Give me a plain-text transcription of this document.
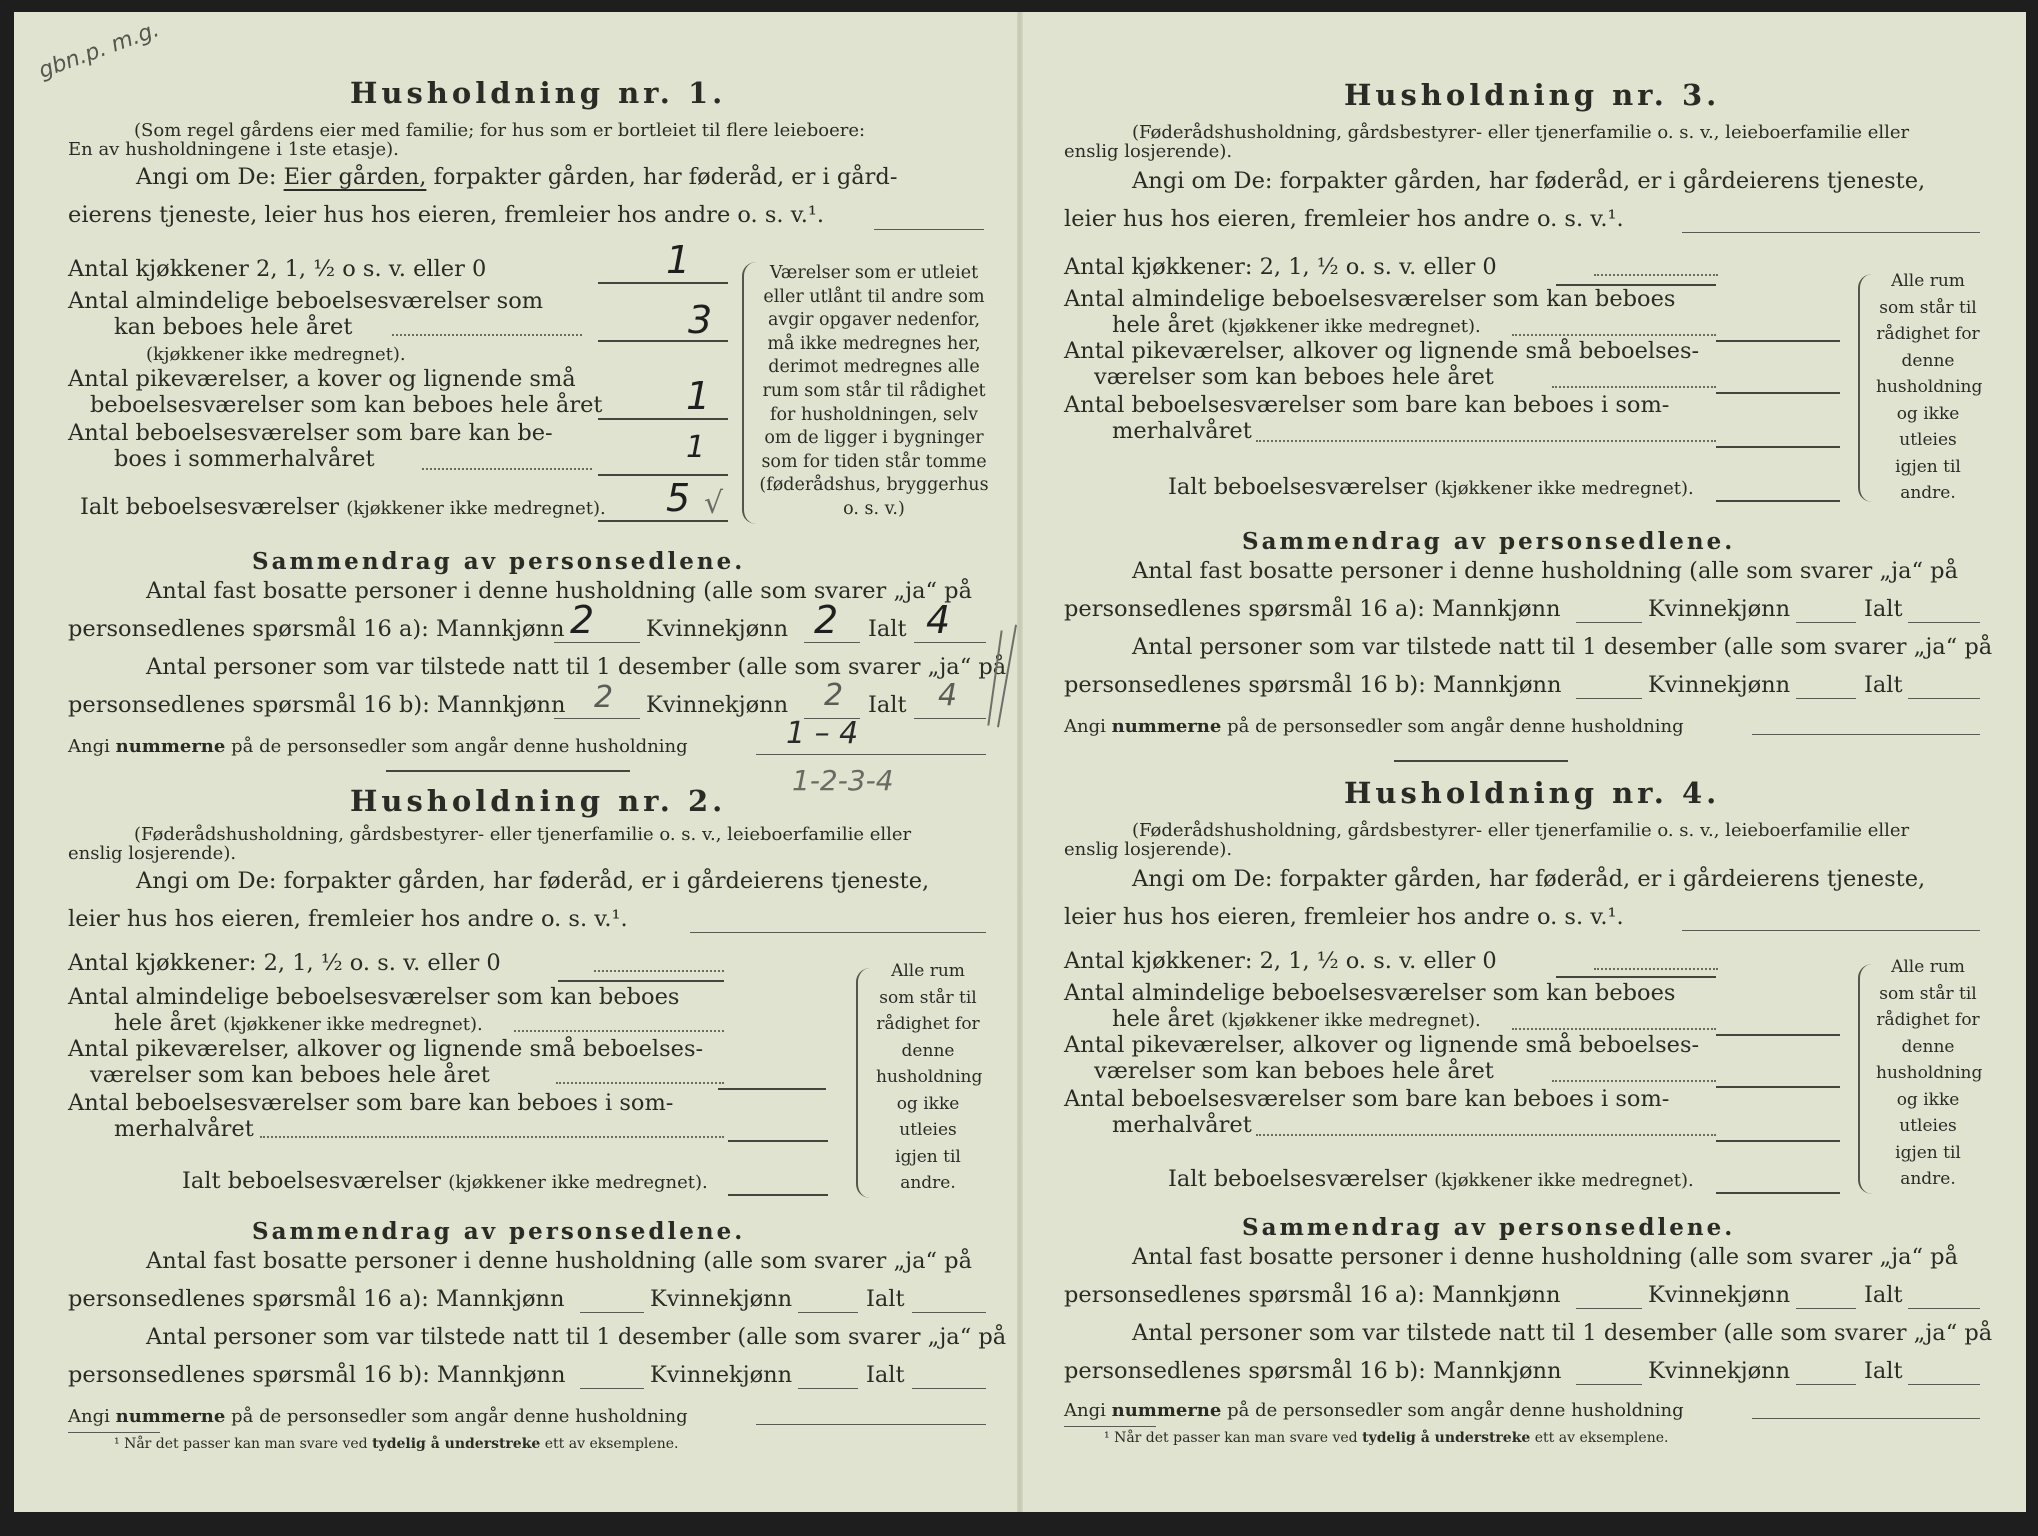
gbn.p. m.g.
Husholdning nr. 1.
(Som regel gårdens eier med familie; for hus som er bortleiet til flere leieboere:
En av husholdningene i 1ste etasje).
Angi om De: Eier gården, forpakter gården, har føderåd, er i gård-
eierens tjeneste, leier hus hos eieren, fremleier hos andre o. s. v.¹.
Antal kjøkkener 2, 1, ½ o s. v. eller 0	1
Antal almindelige beboelsesværelser som
kan beboes hele året	3
(kjøkkener ikke medregnet).
Antal pikeværelser, a kover og lignende små
beboelsesværelser som kan beboes hele året 1
Antal beboelsesværelser som bare kan be-
boes i sommerhalvåret	1
Ialt beboelsesværelser (kjøkkener ikke medregnet). 5 √
Værelser som er utleiet eller utlånt til andre som avgir opgaver nedenfor, må ikke medregnes her, derimot medregnes alle rum som står til rådighet for husholdningen, selv om de ligger i bygninger som for tiden står tomme (føderådshus, bryggerhus o. s. v.)
Sammendrag av personsedlene.
Antal fast bosatte personer i denne husholdning (alle som svarer „ja“ på
personsedlenes spørsmål 16 a): Mannkjønn 2 Kvinnekjønn 2 Ialt 4
Antal personer som var tilstede natt til 1 desember (alle som svarer „ja“ på
personsedlenes spørsmål 16 b): Mannkjønn 2 Kvinnekjønn 2 Ialt 4
Angi nummerne på de personsedler som angår denne husholdning	1 – 4
1-2-3-4
Husholdning nr. 2.
(Føderådshusholdning, gårdsbestyrer- eller tjenerfamilie o. s. v., leieboerfamilie eller
enslig losjerende).
Angi om De: forpakter gården, har føderåd, er i gårdeierens tjeneste,
leier hus hos eieren, fremleier hos andre o. s. v.¹.
Antal kjøkkener: 2, 1, ½ o. s. v. eller 0
Antal almindelige beboelsesværelser som kan beboes
hele året (kjøkkener ikke medregnet).
Antal pikeværelser, alkover og lignende små beboelses-
værelser som kan beboes hele året
Antal beboelsesværelser som bare kan beboes i som-
merhalvåret
Ialt beboelsesværelser (kjøkkener ikke medregnet).
Alle rum som står til rådighet for denne husholdning og ikke utleies igjen til andre.
Sammendrag av personsedlene.
Antal fast bosatte personer i denne husholdning (alle som svarer „ja“ på
personsedlenes spørsmål 16 a): Mannkjønn	Kvinnekjønn	Ialt
Antal personer som var tilstede natt til 1 desember (alle som svarer „ja“ på
personsedlenes spørsmål 16 b): Mannkjønn	Kvinnekjønn	Ialt
Angi nummerne på de personsedler som angår denne husholdning
¹ Når det passer kan man svare ved tydelig å understreke ett av eksemplene.
Husholdning nr. 3.
(Føderådshusholdning, gårdsbestyrer- eller tjenerfamilie o. s. v., leieboerfamilie eller
enslig losjerende).
Angi om De: forpakter gården, har føderåd, er i gårdeierens tjeneste,
leier hus hos eieren, fremleier hos andre o. s. v.¹.
Antal kjøkkener: 2, 1, ½ o. s. v. eller 0
Antal almindelige beboelsesværelser som kan beboes
hele året (kjøkkener ikke medregnet).
Antal pikeværelser, alkover og lignende små beboelses-
værelser som kan beboes hele året
Antal beboelsesværelser som bare kan beboes i som-
merhalvåret
Ialt beboelsesværelser (kjøkkener ikke medregnet).
Alle rum som står til rådighet for denne husholdning og ikke utleies igjen til andre.
Sammendrag av personsedlene.
Antal fast bosatte personer i denne husholdning (alle som svarer „ja“ på
personsedlenes spørsmål 16 a): Mannkjønn	Kvinnekjønn	Ialt
Antal personer som var tilstede natt til 1 desember (alle som svarer „ja“ på
personsedlenes spørsmål 16 b): Mannkjønn	Kvinnekjønn	Ialt
Angi nummerne på de personsedler som angår denne husholdning
Husholdning nr. 4.
(Føderådshusholdning, gårdsbestyrer- eller tjenerfamilie o. s. v., leieboerfamilie eller
enslig losjerende).
Angi om De: forpakter gården, har føderåd, er i gårdeierens tjeneste,
leier hus hos eieren, fremleier hos andre o. s. v.¹.
Antal kjøkkener: 2, 1, ½ o. s. v. eller 0
Antal almindelige beboelsesværelser som kan beboes
hele året (kjøkkener ikke medregnet).
Antal pikeværelser, alkover og lignende små beboelses-
værelser som kan beboes hele året
Antal beboelsesværelser som bare kan beboes i som-
merhalvåret
Ialt beboelsesværelser (kjøkkener ikke medregnet).
Alle rum som står til rådighet for denne husholdning og ikke utleies igjen til andre.
Sammendrag av personsedlene.
Antal fast bosatte personer i denne husholdning (alle som svarer „ja“ på
personsedlenes spørsmål 16 a): Mannkjønn	Kvinnekjønn	Ialt
Antal personer som var tilstede natt til 1 desember (alle som svarer „ja“ på
personsedlenes spørsmål 16 b): Mannkjønn	Kvinnekjønn	Ialt
Angi nummerne på de personsedler som angår denne husholdning
¹ Når det passer kan man svare ved tydelig å understreke ett av eksemplene.
